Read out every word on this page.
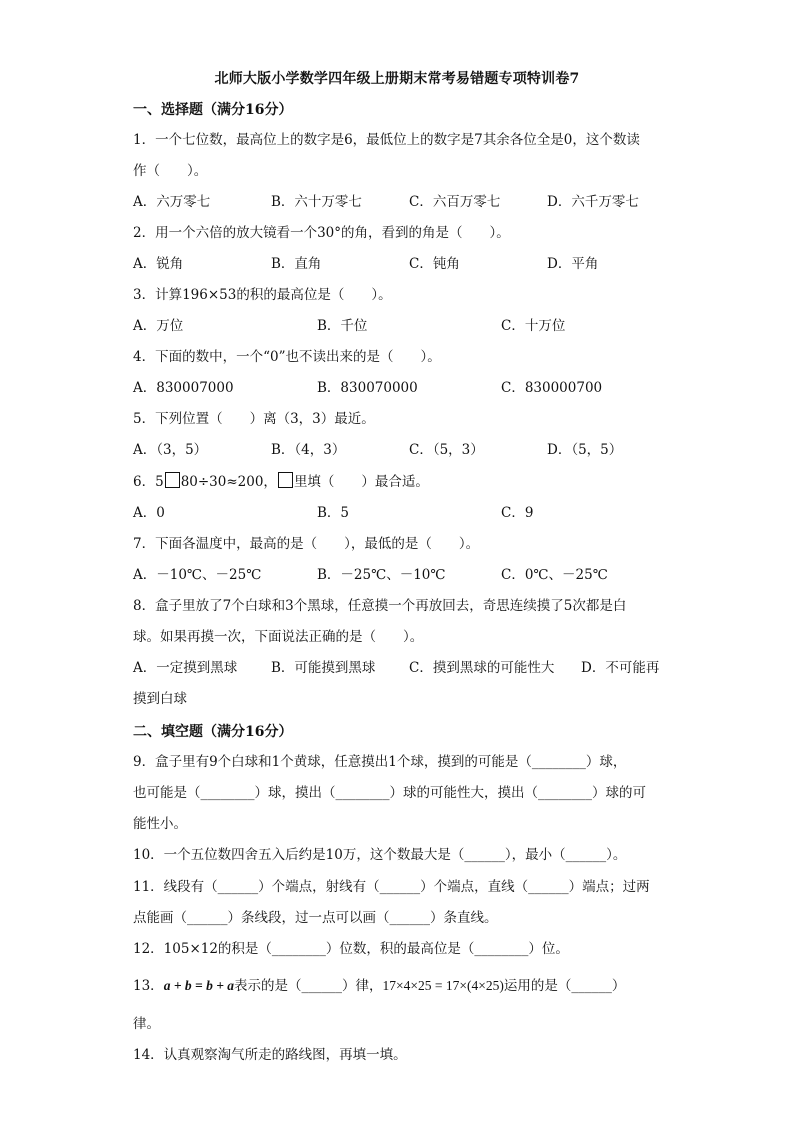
北师大版小学数学四年级上册期末常考易错题专项特训卷7
一、选择题（满分16分）
1．一个七位数，最高位上的数字是6，最低位上的数字是7其余各位全是0，这个数读
作（　　）。
A．六万零七	B．六十万零七	C．六百万零七	D．六千万零七
2．用一个六倍的放大镜看一个30°的角，看到的角是（　　）。
A．锐角	B．直角	C．钝角	D．平角
3．计算196×53的积的最高位是（　　）。
A．万位	B．千位	C．十万位
4．下面的数中，一个“0”也不读出来的是（　　）。
A．830007000	B．830070000	C．830000700
5．下列位置（　　）离（3，3）最近。
A．（3，5）	B．（4，3）	C．（5，3）	D．（5，5）
6．5 80÷30≈200， 里填（　　）最合适。
A．0	B．5	C．9
7．下面各温度中，最高的是（　　），最低的是（　　）。
A．－10℃、－25℃	B．－25℃、－10℃	C．0℃、－25℃
8．盒子里放了7个白球和3个黑球，任意摸一个再放回去，奇思连续摸了5次都是白
球。如果再摸一次，下面说法正确的是（　　）。
A．一定摸到黑球	B．可能摸到黑球 C．摸到黑球的可能性大 D．不可能再
摸到白球
二、填空题（满分16分）
9．盒子里有9个白球和1个黄球，任意摸出1个球，摸到的可能是（________）球，
也可能是（________）球，摸出（________）球的可能性大，摸出（________）球的可
能性小。
10．一个五位数四舍五入后约是10万，这个数最大是（______），最小（______）。
11．线段有（______）个端点，射线有（______）个端点，直线（______）端点；过两
点能画（______）条线段，过一点可以画（______）条直线。
12．105×12的积是（________）位数，积的最高位是（________）位。
13．a + b = b + a表示的是（______）律，17×4×25 = 17×(4×25)运用的是（______）
律。
14．认真观察淘气所走的路线图，再填一填。
